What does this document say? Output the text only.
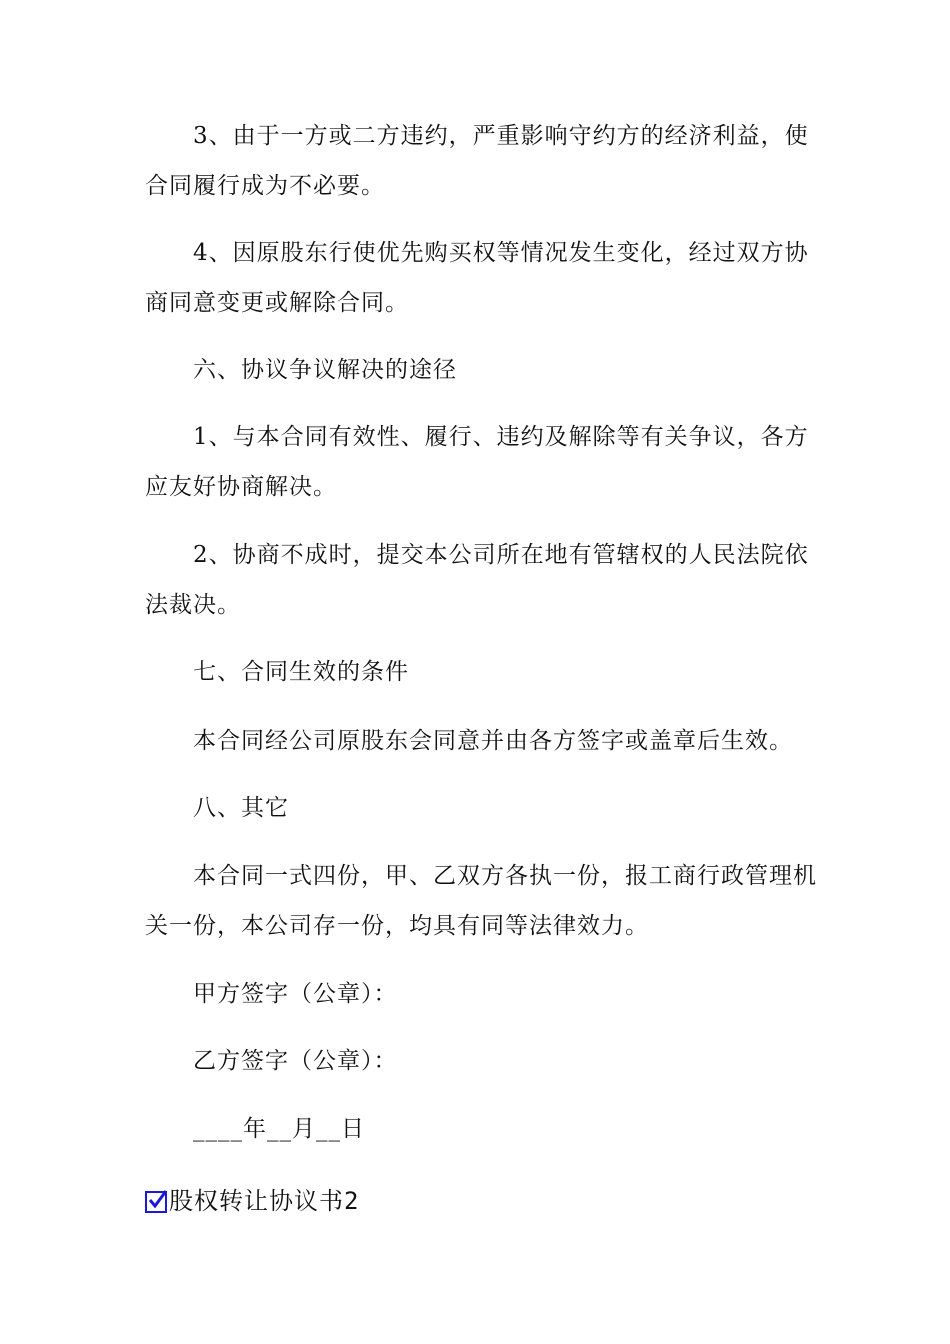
3、由于一方或二方违约，严重影响守约方的经济利益，使
合同履行成为不必要。
4、因原股东行使优先购买权等情况发生变化，经过双方协
商同意变更或解除合同。
六、协议争议解决的途径
1、与本合同有效性、履行、违约及解除等有关争议，各方
应友好协商解决。
2、协商不成时，提交本公司所在地有管辖权的人民法院依
法裁决。
七、合同生效的条件
本合同经公司原股东会同意并由各方签字或盖章后生效。
八、其它
本合同一式四份，甲、乙双方各执一份，报工商行政管理机
关一份，本公司存一份，均具有同等法律效力。
甲方签字（公章）：
乙方签字（公章）：
____年__月__日
股权转让协议书2
